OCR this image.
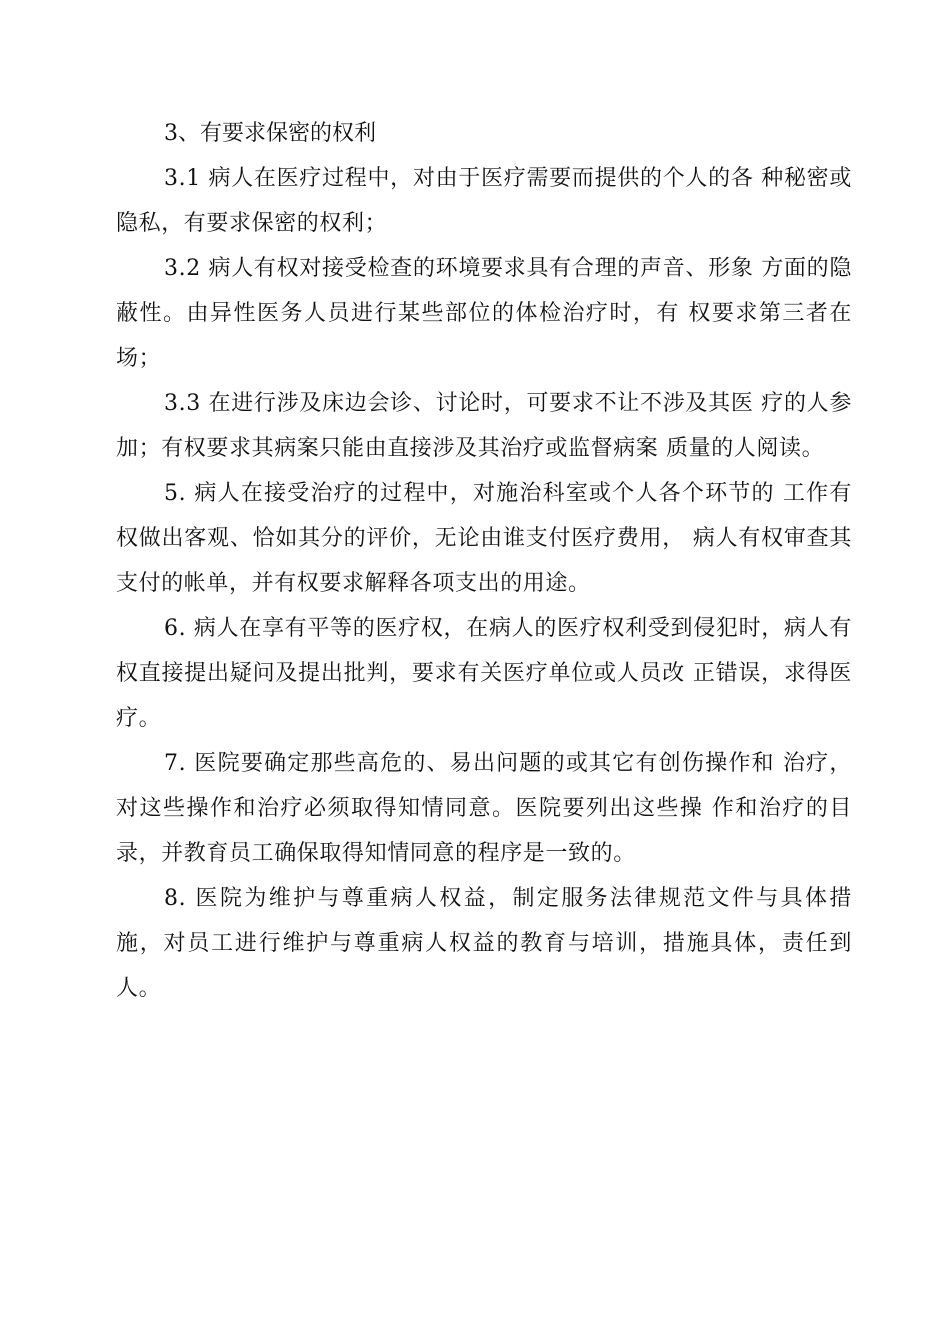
3、有要求保密的权利

3.1 病人在医疗过程中，对由于医疗需要而提供的个人的各 种秘密或隐私，有要求保密的权利；

3.2 病人有权对接受检查的环境要求具有合理的声音、形象 方面的隐蔽性。由异性医务人员进行某些部位的体检治疗时，有 权要求第三者在场；

3.3 在进行涉及床边会诊、讨论时，可要求不让不涉及其医 疗的人参加；有权要求其病案只能由直接涉及其治疗或监督病案 质量的人阅读。

5. 病人在接受治疗的过程中，对施治科室或个人各个环节的 工作有权做出客观、恰如其分的评价，无论由谁支付医疗费用， 病人有权审查其支付的帐单，并有权要求解释各项支出的用途。

6. 病人在享有平等的医疗权，在病人的医疗权利受到侵犯时，病人有权直接提出疑问及提出批判，要求有关医疗单位或人员改 正错误，求得医疗。

7. 医院要确定那些高危的、易出问题的或其它有创伤操作和 治疗，对这些操作和治疗必须取得知情同意。医院要列出这些操 作和治疗的目录，并教育员工确保取得知情同意的程序是一致的。

8. 医院为维护与尊重病人权益，制定服务法律规范文件与具体措 施，对员工进行维护与尊重病人权益的教育与培训，措施具体，责任到人。
